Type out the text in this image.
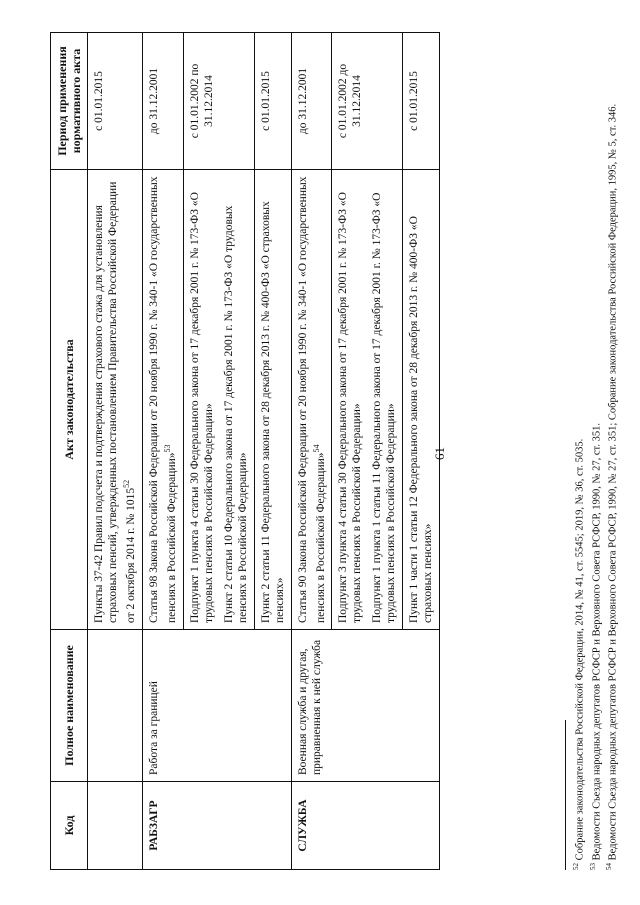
61
Код	Полное наименование	Акт законодательства	Период применения нормативного акта
		Пункты 37-42 Правил подсчета и подтверждения страхового стажа для установления страховых пенсий, утвержденных постановлением Правительства Российской Федерации от 2 октября 2014 г. № 1015$^{52}$	с 01.01.2015
РАБЗАГР	Работа за границей	Статья 98 Закона Российской Федерации от 20 ноября 1990 г. № 340-1 «О государственных пенсиях в Российской Федерации»$^{53}$	до 31.12.2001

		Подпункт 1 пункта 4 статьи 30 Федерального закона от 17 декабря 2001 г. № 173-ФЗ «О трудовых пенсиях в Российской Федерации» Пункт 2 статьи 10 Федерального закона от 17 декабря 2001 г. № 173-ФЗ «О трудовых пенсиях в Российской Федерации»	с 01.01.2002 по 31.12.2014
		Пункт 2 статьи 11 Федерального закона от 28 декабря 2013 г. № 400-ФЗ «О страховых пенсиях»	с 01.01.2015
СЛУЖБА	Военная служба и другая, приравненная к ней служба	Статья 90 Закона Российской Федерации от 20 ноября 1990 г. № 340-1 «О государственных пенсиях в Российской Федерации»$^{54}$	до 31.12.2001

		Подпункт 3 пункта 4 статьи 30 Федерального закона от 17 декабря 2001 г. № 173-ФЗ «О трудовых пенсиях в Российской Федерации» Подпункт 1 пункта 1 статьи 11 Федерального закона от 17 декабря 2001 г. № 173-ФЗ «О трудовых пенсиях в Российской Федерации»	с 01.01.2002 до 31.12.2014
		Пункт 1 части 1 статьи 12 Федерального закона от 28 декабря 2013 г. № 400-ФЗ «О страховых пенсиях»	с 01.01.2015
$^{52}$ Собрание законодательства Российской Федерации, 2014, № 41, ст. 5545; 2019, № 36, ст. 5035.
$^{53}$ Ведомости Съезда народных депутатов РСФСР и Верховного Совета РСФСР, 1990, № 27, ст. 351.
$^{54}$ Ведомости Съезда народных депутатов РСФСР и Верховного Совета РСФСР, 1990, № 27, ст. 351; Собрание законодательства Российской Федерации, 1995, № 5, ст. 346.
